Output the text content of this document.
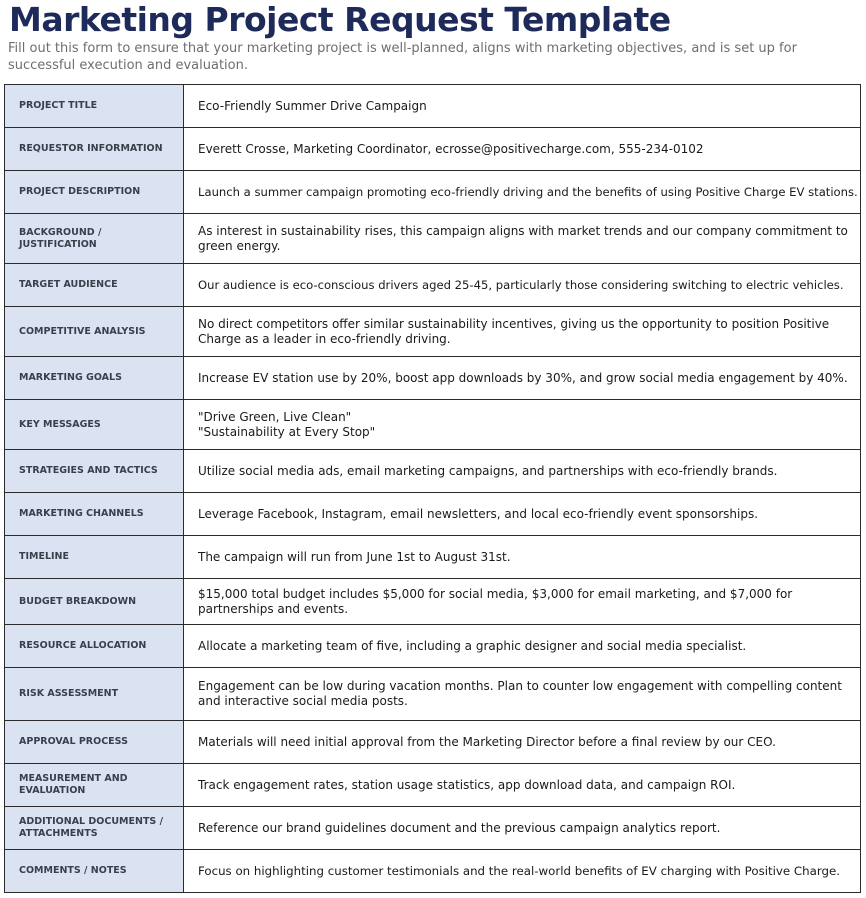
Marketing Project Request Template

Fill out this form to ensure that your marketing project is well-planned, aligns with marketing objectives, and is set up for successful execution and evaluation.

PROJECT TITLE	Eco-Friendly Summer Drive Campaign
REQUESTOR INFORMATION	Everett Crosse, Marketing Coordinator, ecrosse@positivecharge.com, 555-234-0102
PROJECT DESCRIPTION	Launch a summer campaign promoting eco-friendly driving and the benefits of using Positive Charge EV stations.
BACKGROUND / JUSTIFICATION	As interest in sustainability rises, this campaign aligns with market trends and our company commitment to green energy.
TARGET AUDIENCE	Our audience is eco-conscious drivers aged 25-45, particularly those considering switching to electric vehicles.
COMPETITIVE ANALYSIS	No direct competitors offer similar sustainability incentives, giving us the opportunity to position Positive Charge as a leader in eco-friendly driving.
MARKETING GOALS	Increase EV station use by 20%, boost app downloads by 30%, and grow social media engagement by 40%.
KEY MESSAGES	"Drive Green, Live Clean"
"Sustainability at Every Stop"

STRATEGIES AND TACTICS	Utilize social media ads, email marketing campaigns, and partnerships with eco-friendly brands.
MARKETING CHANNELS	Leverage Facebook, Instagram, email newsletters, and local eco-friendly event sponsorships.
TIMELINE	The campaign will run from June 1st to August 31st.
BUDGET BREAKDOWN	$15,000 total budget includes $5,000 for social media, $3,000 for email marketing, and $7,000 for partnerships and events.
RESOURCE ALLOCATION	Allocate a marketing team of five, including a graphic designer and social media specialist.
RISK ASSESSMENT	Engagement can be low during vacation months. Plan to counter low engagement with compelling content and interactive social media posts.
APPROVAL PROCESS	Materials will need initial approval from the Marketing Director before a final review by our CEO.
MEASUREMENT AND EVALUATION	Track engagement rates, station usage statistics, app download data, and campaign ROI.
ADDITIONAL DOCUMENTS / ATTACHMENTS	Reference our brand guidelines document and the previous campaign analytics report.
COMMENTS / NOTES	Focus on highlighting customer testimonials and the real-world benefits of EV charging with Positive Charge.
